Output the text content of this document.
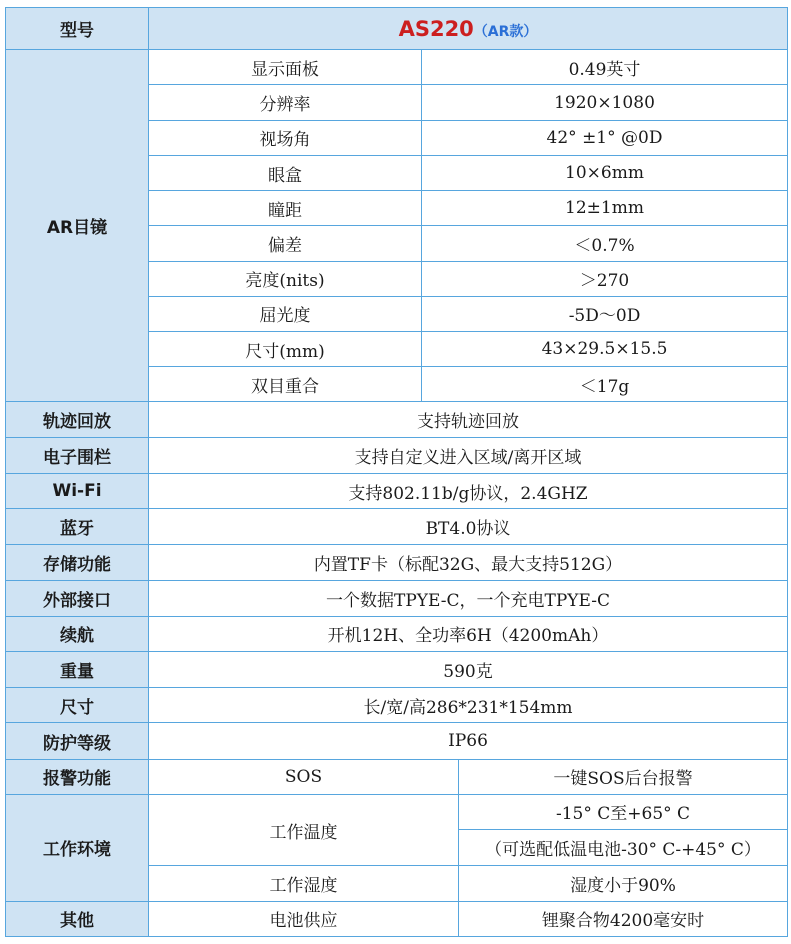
型号	AS220（AR款）		
AR目镜	显示面板	0.49英寸	
	分辨率	1920×1080	
	视场角	42° ±1° @0D	
	眼盒	10×6mm	
	瞳距	12±1mm	
	偏差	＜0.7%	
	亮度(nits)	＞270	
	屈光度	-5D～0D	
	尺寸(mm)	43×29.5×15.5	
	双目重合	＜17g	
轨迹回放	支持轨迹回放		
电子围栏	支持自定义进入区域/离开区域		
Wi-Fi	支持802.11b/g协议，2.4GHZ		
蓝牙	BT4.0协议		
存储功能	内置TF卡（标配32G、最大支持512G）		
外部接口	一个数据TPYE-C，一个充电TPYE-C		
续航	开机12H、全功率6H（4200mAh）		
重量	590克		
尺寸	长/宽/高286*231*154mm		
防护等级	IP66		
报警功能	SOS		一键SOS后台报警
工作环境	工作温度		-15° C至+65° C
			（可选配低温电池-30° C-+45° C）
	工作湿度		湿度小于90%
其他	电池供应		锂聚合物4200毫安时
